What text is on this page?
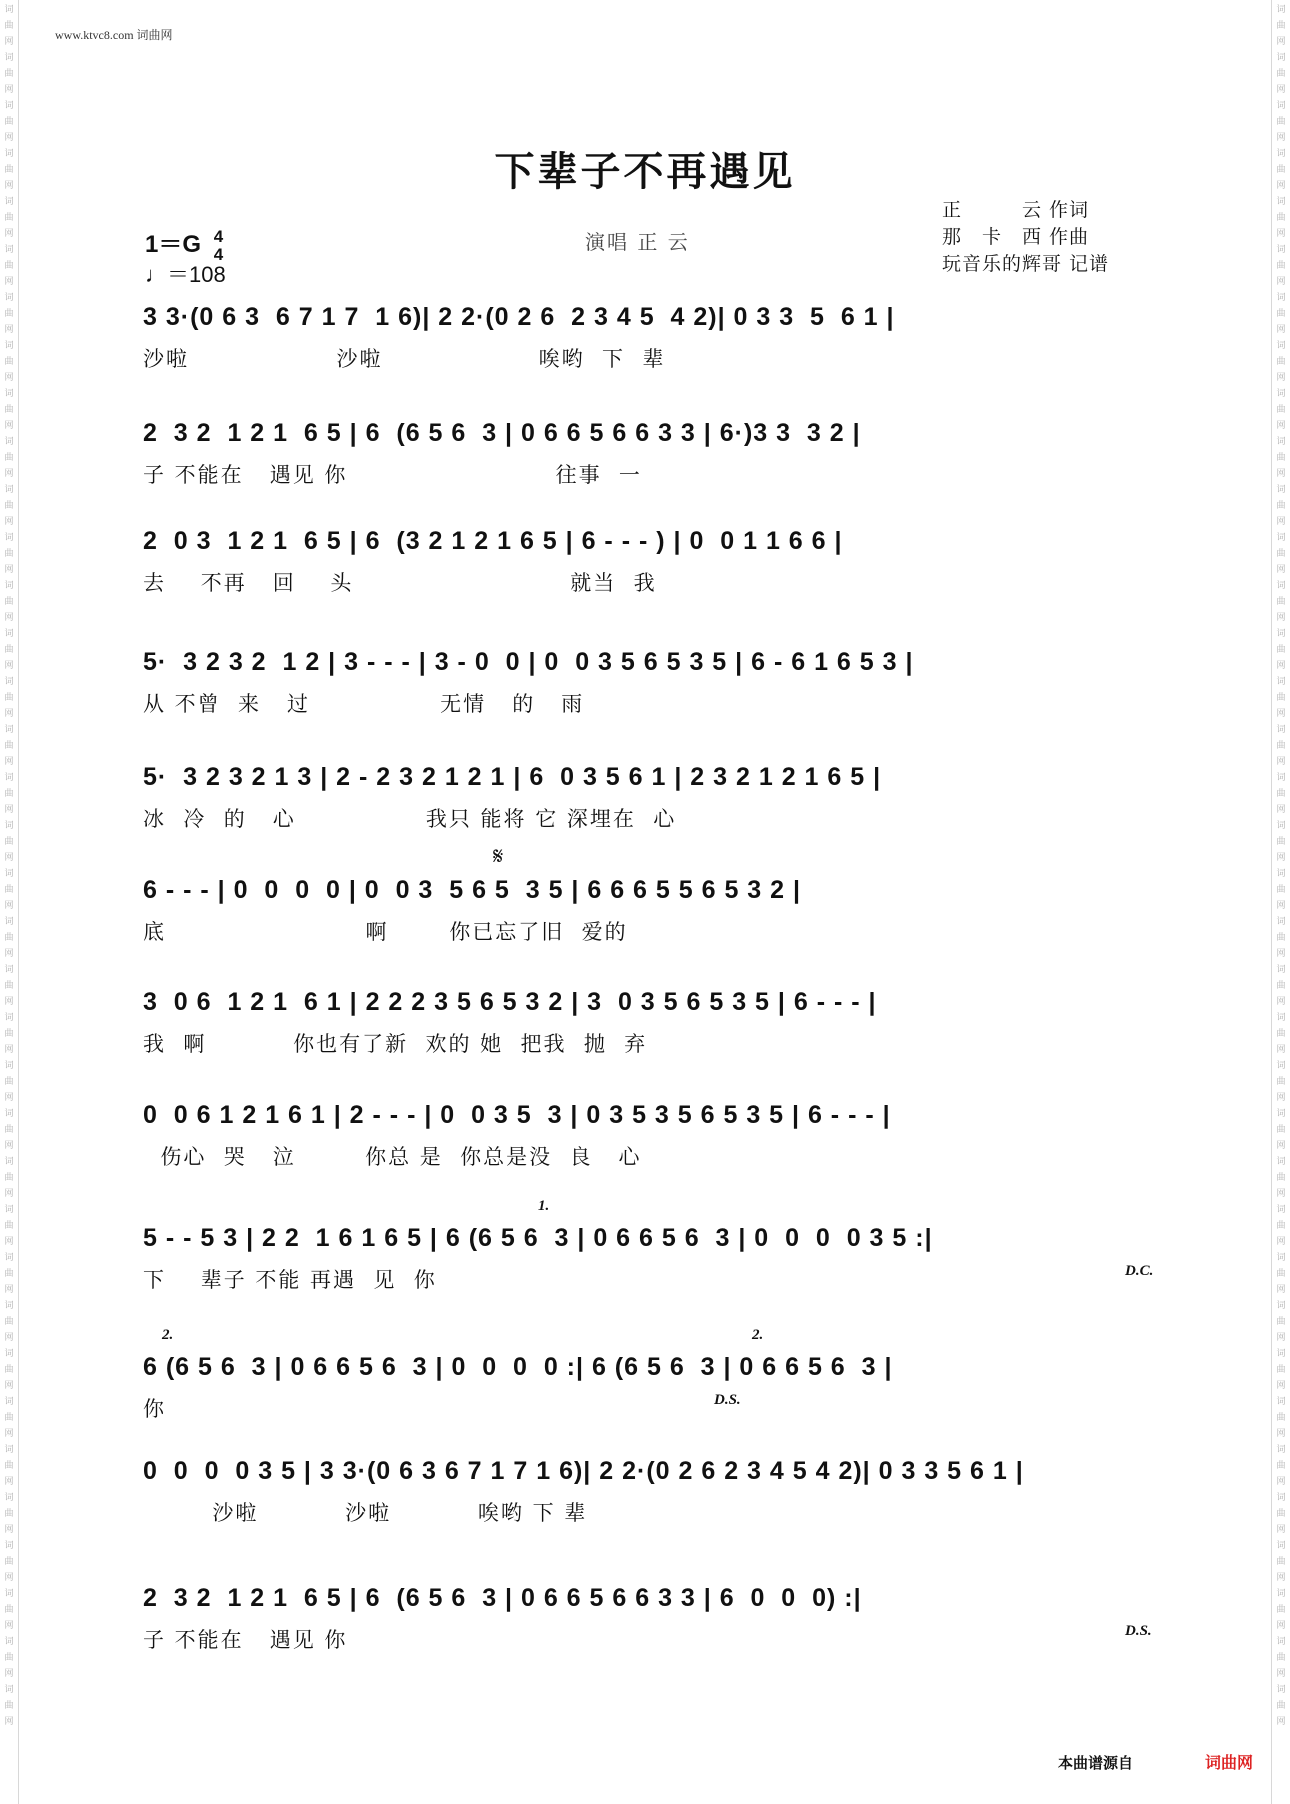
词
曲
网
词
曲
网
词
曲
网
词
曲
网
词
曲
网
词
曲
网
词
曲
网
词
曲
网
词
曲
网
词
曲
网
词
曲
网
词
曲
网
词
曲
网
词
曲
网
词
曲
网
词
曲
网
词
曲
网
词
曲
网
词
曲
网
词
曲
网
词
曲
网
词
曲
网
词
曲
网
词
曲
网
词
曲
网
词
曲
网
词
曲
网
词
曲
网
词
曲
网
词
曲
网
词
曲
网
词
曲
网
词
曲
网
词
曲
网
词
曲
网
词
曲
网
词
曲
网
词
曲
网
词
曲
网
词
曲
网
词
曲
网
词
曲
网
词
曲
网
词
曲
网
词
曲
网
词
曲
网
词
曲
网
词
曲
网
词
曲
网
词
曲
网
词
曲
网
词
曲
网
词
曲
网
词
曲
网
词
曲
网
词
曲
网
词
曲
网
词
曲
网
词
曲
网
词
曲
网
词
曲
网
词
曲
网
词
曲
网
词
曲
网
词
曲
网
词
曲
网
词
曲
网
词
曲
网
词
曲
网
词
曲
网
词
曲
网
词
曲
网
www.ktvc8.com 词曲网
下辈子不再遇见
1＝G 4
4
♩＝108
演唱 正 云
正　　　云 作词
那　卡　西 作曲
玩音乐的辉哥 记谱
3 3·(0 6 3  6 7 1 7  1 6)| 2 2·(0 2 6  2 3 4 5  4 2)| 0 3 3  5  6 1 |
沙啦                 沙啦                  唉哟  下  辈
2  3 2  1 2 1  6 5 | 6  (6 5 6  3 | 0 6 6 5 6 6 3 3 | 6·)3 3  3 2 |
子 不能在   遇见 你                        往事  一
2  0 3  1 2 1  6 5 | 6  (3 2 1 2 1 6 5 | 6 - - - ) | 0  0 1 1 6 6 |
去    不再   回    头                         就当  我
5·  3 2 3 2  1 2 | 3 - - - | 3 - 0  0 | 0  0 3 5 6 5 3 5 | 6 - 6 1 6 5 3 |
从 不曾  来   过               无情   的   雨
5·  3 2 3 2 1 3 | 2 - 2 3 2 1 2 1 | 6  0 3 5 6 1 | 2 3 2 1 2 1 6 5 |
冰  冷  的   心               我只 能将 它 深埋在  心
𝄋
6 - - - | 0  0  0  0 | 0  0 3  5 6 5  3 5 | 6 6 6 5 5 6 5 3 2 |
底                       啊       你已忘了旧  爱的
3  0 6  1 2 1  6 1 | 2 2 2 3 5 6 5 3 2 | 3  0 3 5 6 5 3 5 | 6 - - - |
我  啊          你也有了新  欢的 她  把我  抛  弃
0  0 6 1 2 1 6 1 | 2 - - - | 0  0 3 5  3 | 0 3 5 3 5 6 5 3 5 | 6 - - - |
伤心  哭   泣        你总 是  你总是没  良   心
1.
5 - - 5 3 | 2 2  1 6 1 6 5 | 6 (6 5 6  3 | 0 6 6 5 6  3 | 0  0  0  0 3 5 :|
下    辈子 不能 再遇  见  你	D.C.
2.	2.
6 (6 5 6  3 | 0 6 6 5 6  3 | 0  0  0  0 :| 6 (6 5 6  3 | 0 6 6 5 6  3 |
你	D.S.
0  0  0  0 3 5 | 3 3·(0 6 3 6 7 1 7 1 6)| 2 2·(0 2 6 2 3 4 5 4 2)| 0 3 3 5 6 1 |
沙啦          沙啦          唉哟 下 辈
2  3 2  1 2 1  6 5 | 6  (6 5 6  3 | 0 6 6 5 6 6 3 3 | 6  0  0  0) :|
子 不能在   遇见 你	D.S.
本曲谱源自	词曲网
